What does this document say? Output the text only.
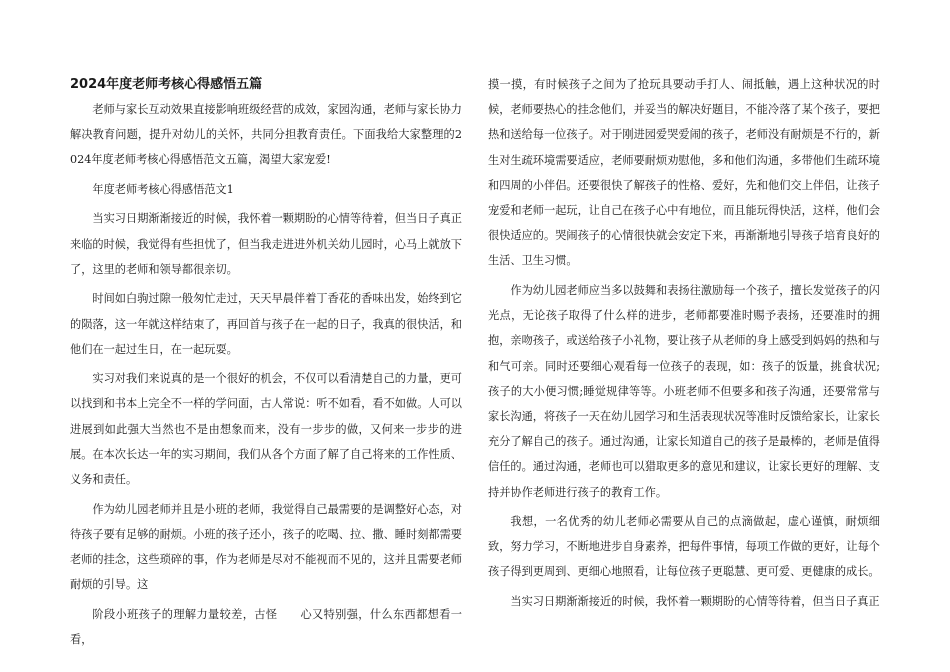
2024年度老师考核心得感悟五篇

老师与家长互动效果直接影响班级经营的成效，家园沟通，老师与家长协力解决教育问题，提升对幼儿的关怀，共同分担教育责任。下面我给大家整理的2024年度老师考核心得感悟范文五篇，渴望大家宠爱!

年度老师考核心得感悟范文1

当实习日期渐渐接近的时候，我怀着一颗期盼的心情等待着，但当日子真正来临的时候，我觉得有些担忧了，但当我走进进外机关幼儿园时，心马上就放下了，这里的老师和领导都很亲切。

时间如白驹过隙一般匆忙走过，天天早晨伴着丁香花的香味出发，始终到它的陨落，这一年就这样结束了，再回首与孩子在一起的日子，我真的很快活，和他们在一起过生日，在一起玩耍。

实习对我们来说真的是一个很好的机会，不仅可以看清楚自己的力量，更可以找到和书本上完全不一样的学问面，古人常说：听不如看，看不如做。人可以进展到如此强大当然也不是由想象而来，没有一步步的做，又何来一步步的进展。在本次长达一年的实习期间，我们从各个方面了解了自己将来的工作性质、义务和责任。

作为幼儿园老师并且是小班的老师，我觉得自己最需要的是调整好心态，对待孩子要有足够的耐烦。小班的孩子还小，孩子的吃喝、拉、撒、睡时刻都需要老师的挂念，这些琐碎的事，作为老师是尽对不能视而不见的，这并且需要老师耐烦的引导。这

阶段小班孩子的理解力量较差，古怪　　心又特别强，什么东西都想看一看，

摸一摸，有时候孩子之间为了抢玩具要动手打人、闹抵触，遇上这种状况的时候，老师要热心的挂念他们，并妥当的解决好题目，不能冷落了某个孩子，要把热和送给每一位孩子。对于刚进园爱哭爱闹的孩子，老师没有耐烦是不行的，新生对生疏环境需要适应，老师要耐烦劝慰他，多和他们沟通，多带他们生疏环境和四周的小伴侣。还要很快了解孩子的性格、爱好，先和他们交上伴侣，让孩子宠爱和老师一起玩，让自己在孩子心中有地位，而且能玩得快活，这样，他们会很快适应的。哭闹孩子的心情很快就会安定下来，再渐渐地引导孩子培育良好的生活、卫生习惯。

作为幼儿园老师应当多以鼓舞和表扬往激励每一个孩子，擅长发觉孩子的闪光点，无论孩子取得了什么样的进步，老师都要准时赐予表扬，还要准时的拥抱，亲吻孩子，或送给孩子小礼物，要让孩子从老师的身上感受到妈妈的热和与和气可亲。同时还要细心观看每一位孩子的表现，如：孩子的饭量，挑食状况;孩子的大小便习惯;睡觉规律等等。小班老师不但要多和孩子沟通，还要常常与家长沟通，将孩子一天在幼儿园学习和生活表现状况等准时反馈给家长，让家长充分了解自己的孩子。通过沟通，让家长知道自己的孩子是最棒的，老师是值得信任的。通过沟通，老师也可以猎取更多的意见和建议，让家长更好的理解、支持并协作老师进行孩子的教育工作。

我想，一名优秀的幼儿老师必需要从自己的点滴做起，虚心谨慎，耐烦细致，努力学习，不断地进步自身素养，把每件事情，每项工作做的更好，让每个孩子得到更周到、更细心地照看，让每位孩子更聪慧、更可爱、更健康的成长。

当实习日期渐渐接近的时候，我怀着一颗期盼的心情等待着，但当日子真正
